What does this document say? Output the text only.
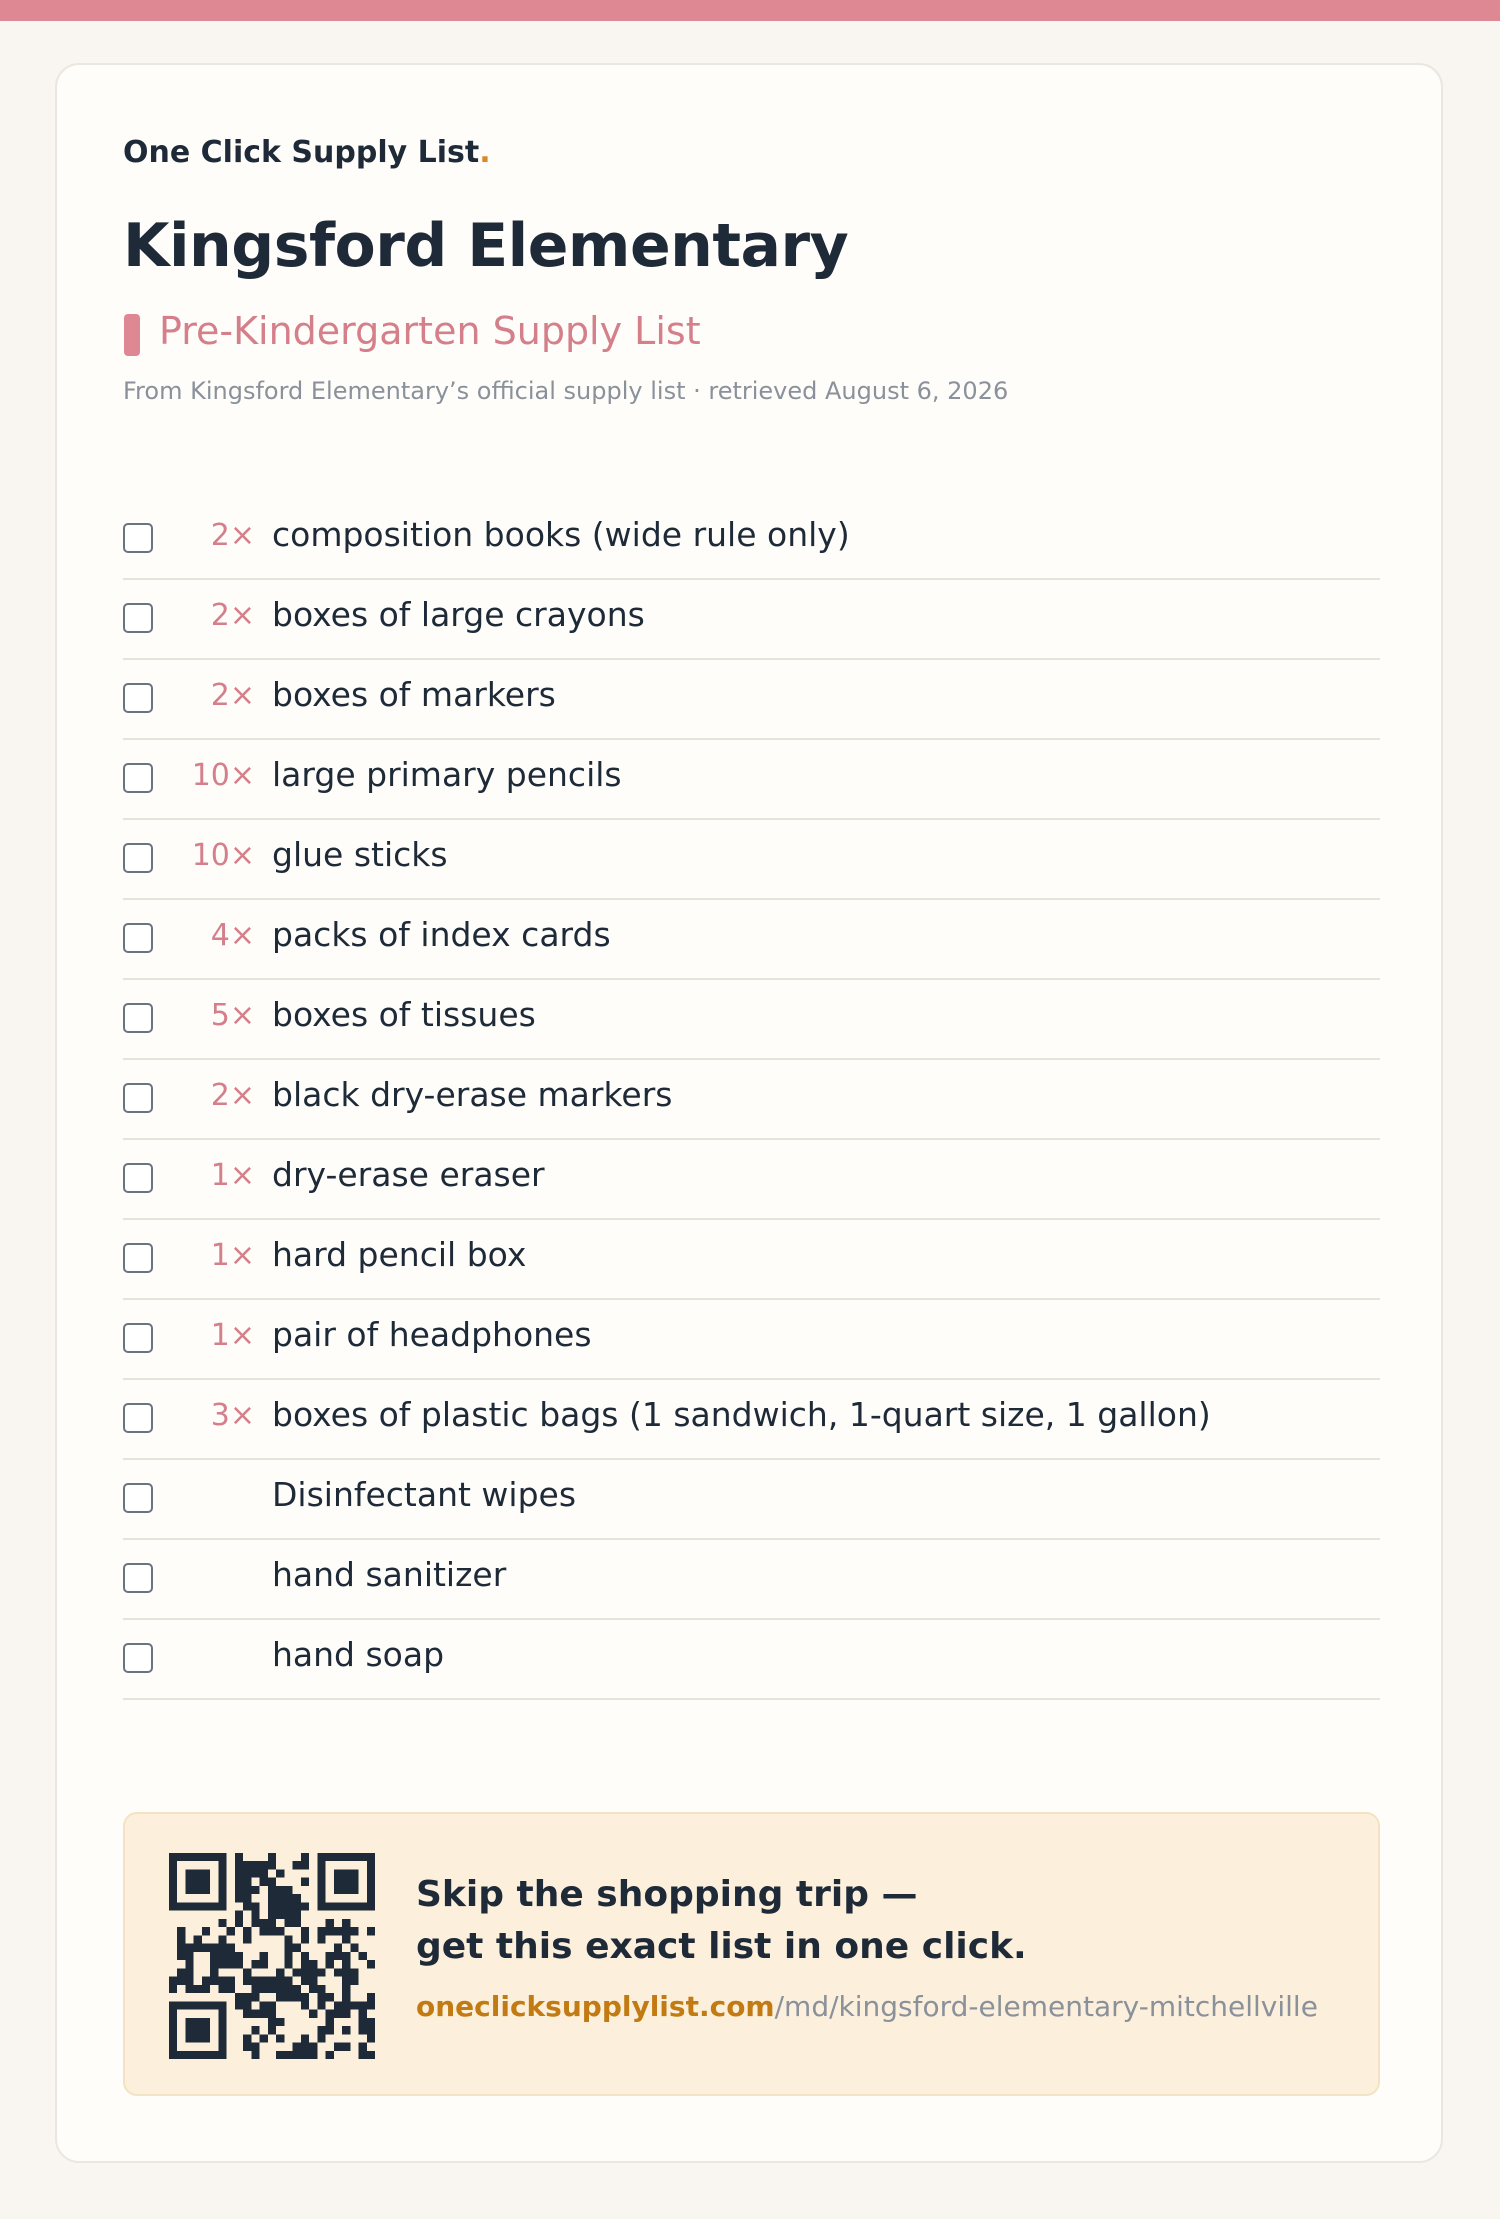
One Click Supply List.
Kingsford Elementary
Pre-Kindergarten Supply List
From Kingsford Elementary’s official supply list · retrieved August 6, 2026
2× composition books (wide rule only)
2× boxes of large crayons
2× boxes of markers
10× large primary pencils
10× glue sticks
4× packs of index cards
5× boxes of tissues
2× black dry-erase markers
1× dry-erase eraser
1× hard pencil box
1× pair of headphones
3× boxes of plastic bags (1 sandwich, 1-quart size, 1 gallon)
Disinfectant wipes
hand sanitizer
hand soap
Skip the shopping trip —
get this exact list in one click.
oneclicksupplylist.com/md/kingsford-elementary-mitchellville
